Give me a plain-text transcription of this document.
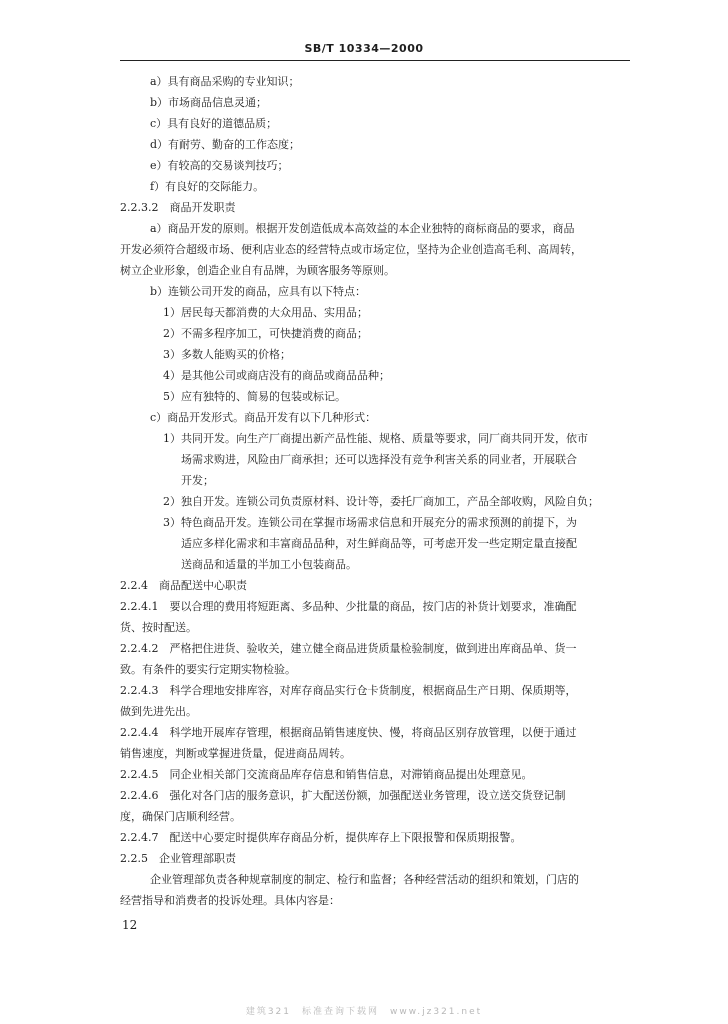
SB/T 10334—2000
a）具有商品采购的专业知识；
b）市场商品信息灵通；
c）具有良好的道德品质；
d）有耐劳、勤奋的工作态度；
e）有较高的交易谈判技巧；
f）有良好的交际能力。
2.2.3.2　商品开发职责
a）商品开发的原则。根据开发创造低成本高效益的本企业独特的商标商品的要求，商品
开发必须符合超级市场、便利店业态的经营特点或市场定位，坚持为企业创造高毛利、高周转，
树立企业形象，创造企业自有品牌，为顾客服务等原则。
b）连锁公司开发的商品，应具有以下特点：
1）居民每天都消费的大众用品、实用品；
2）不需多程序加工，可快捷消费的商品；
3）多数人能购买的价格；
4）是其他公司或商店没有的商品或商品品种；
5）应有独特的、简易的包装或标记。
c）商品开发形式。商品开发有以下几种形式：
1）共同开发。向生产厂商提出新产品性能、规格、质量等要求，同厂商共同开发，依市
场需求购进，风险由厂商承担；还可以选择没有竞争利害关系的同业者，开展联合
开发；
2）独自开发。连锁公司负责原材料、设计等，委托厂商加工，产品全部收购，风险自负；
3）特色商品开发。连锁公司在掌握市场需求信息和开展充分的需求预测的前提下，为
适应多样化需求和丰富商品品种，对生鲜商品等，可考虑开发一些定期定量直接配
送商品和适量的半加工小包装商品。
2.2.4　商品配送中心职责
2.2.4.1　要以合理的费用将短距离、多品种、少批量的商品，按门店的补货计划要求，准确配
货、按时配送。
2.2.4.2　严格把住进货、验收关，建立健全商品进货质量检验制度，做到进出库商品单、货一
致。有条件的要实行定期实物检验。
2.2.4.3　科学合理地安排库容，对库存商品实行仓卡货制度，根据商品生产日期、保质期等，
做到先进先出。
2.2.4.4　科学地开展库存管理，根据商品销售速度快、慢，将商品区别存放管理，以便于通过
销售速度，判断或掌握进货量，促进商品周转。
2.2.4.5　同企业相关部门交流商品库存信息和销售信息，对滞销商品提出处理意见。
2.2.4.6　强化对各门店的服务意识，扩大配送份额，加强配送业务管理，设立送交货登记制
度，确保门店顺利经营。
2.2.4.7　配送中心要定时提供库存商品分析，提供库存上下限报警和保质期报警。
2.2.5　企业管理部职责
企业管理部负责各种规章制度的制定、检行和监督；各种经营活动的组织和策划，门店的
经营指导和消费者的投诉处理。具体内容是：
12
建筑321　标准查询下载网　www.jz321.net
